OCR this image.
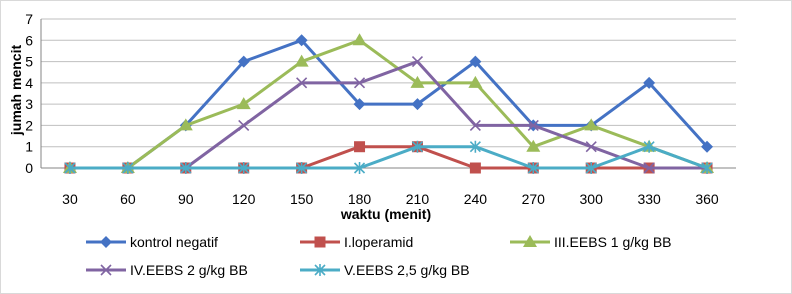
0
1
2
3
4
5
6
7
30	60	90	120 150 180 210 240 270 300 330 360
jumah mencit
waktu (menit)
kontrol negatif	I.loperamid	III.EEBS 1 g/kg BB
IV.EEBS 2 g/kg BB	V.EEBS 2,5 g/kg BB
